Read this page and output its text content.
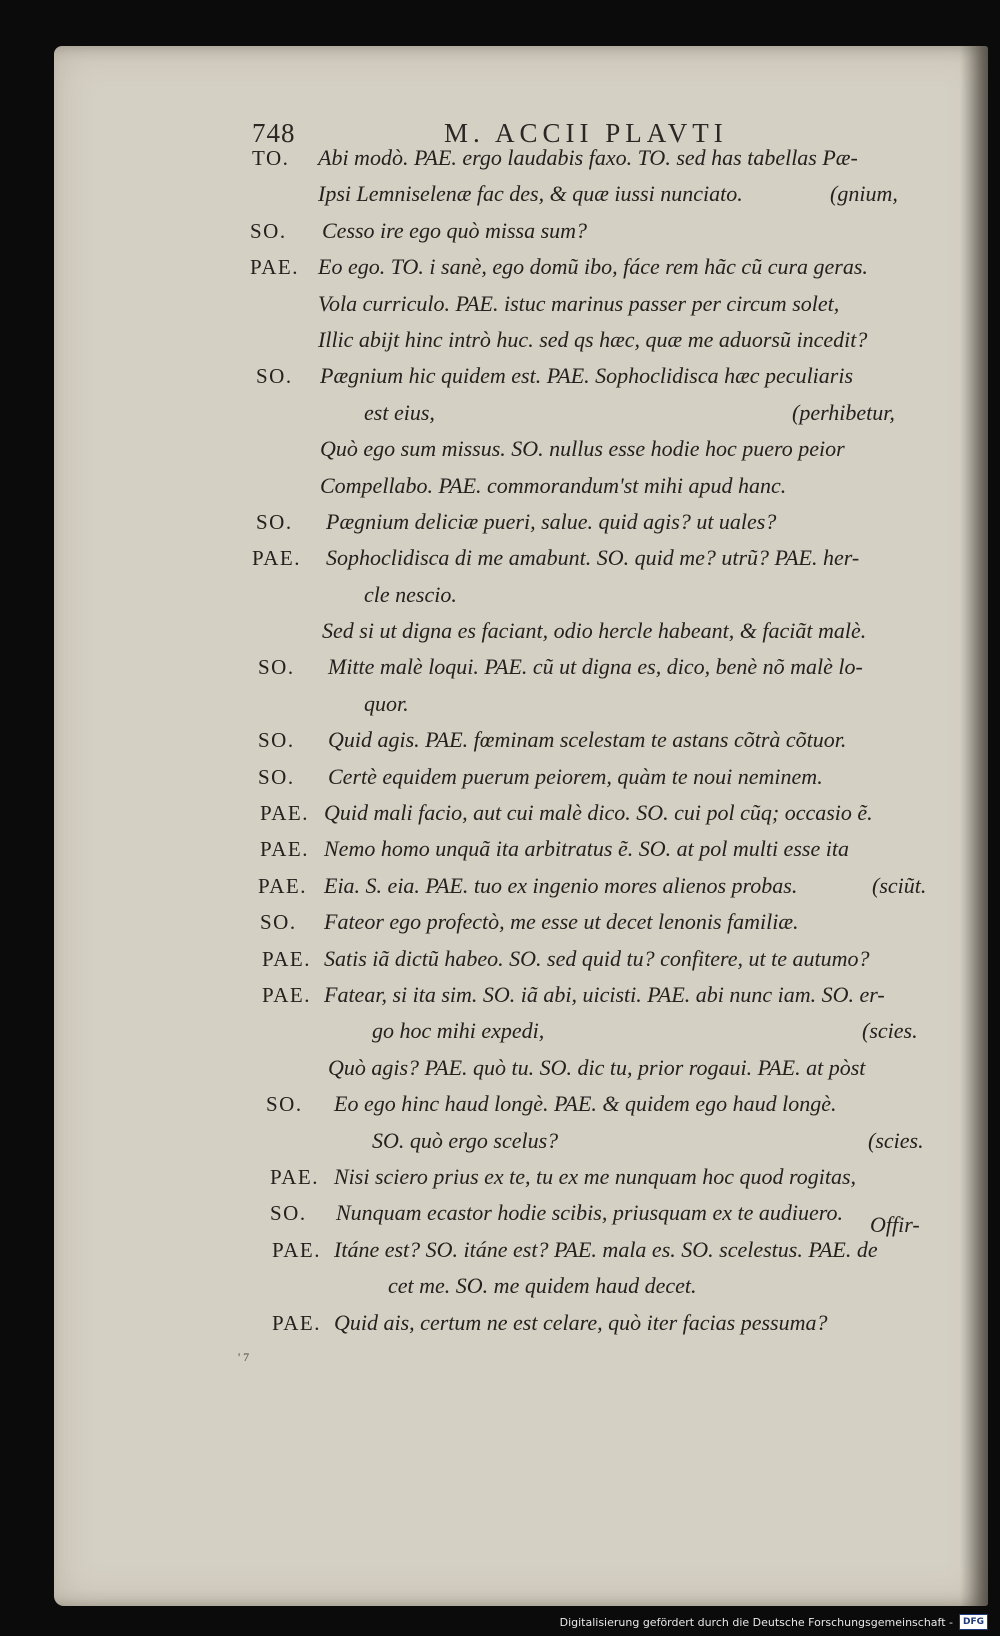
748	M. ACCII PLAVTI
TO. Abi modò. PAE. ergo laudabis faxo. TO. sed has tabellas Pæ-
Ipsi Lemniselenæ fac des, & quæ iussi nunciato.	(gnium,
SO. Cesso ire ego quò missa sum?
PAE. Eo ego. TO. i sanè, ego domũ ibo, fáce rem hãc cũ cura geras.
Vola curriculo. PAE. istuc marinus passer per circum solet,
Illic abijt hinc intrò huc. sed qs hæc, quæ me aduorsũ incedit?
SO. Pægnium hic quidem est. PAE. Sophoclidisca hæc peculiaris
est eius,	(perhibetur,
Quò ego sum missus. SO. nullus esse hodie hoc puero peior
Compellabo. PAE. commorandum'st mihi apud hanc.
SO. Pægnium deliciæ pueri, salue. quid agis? ut uales?
PAE. Sophoclidisca di me amabunt. SO. quid me? utrũ? PAE. her-
cle nescio.
Sed si ut digna es faciant, odio hercle habeant, & faciãt malè.
SO. Mitte malè loqui. PAE. cũ ut digna es, dico, benè nõ malè lo-
quor.
SO. Quid agis. PAE. fœminam scelestam te astans cõtrà cõtuor.
SO. Certè equidem puerum peiorem, quàm te noui neminem.
PAE. Quid mali facio, aut cui malè dico. SO. cui pol cũq; occasio ẽ.
PAE. Nemo homo unquã ita arbitratus ẽ. SO. at pol multi esse ita
PAE. Eia. S. eia. PAE. tuo ex ingenio mores alienos probas.	(sciũt.
SO. Fateor ego profectò, me esse ut decet lenonis familiæ.
PAE. Satis iã dictũ habeo. SO. sed quid tu? confitere, ut te autumo?
PAE. Fatear, si ita sim. SO. iã abi, uicisti. PAE. abi nunc iam. SO. er-
go hoc mihi expedi,	(scies.
Quò agis? PAE. quò tu. SO. dic tu, prior rogaui. PAE. at pòst
SO. Eo ego hinc haud longè. PAE. & quidem ego haud longè.
SO. quò ergo scelus?	(scies.
PAE. Nisi sciero prius ex te, tu ex me nunquam hoc quod rogitas,
SO. Nunquam ecastor hodie scibis, priusquam ex te audiuero.
PAE. Itáne est? SO. itáne est? PAE. mala es. SO. scelestus. PAE. de
cet me. SO. me quidem haud decet.
PAE. Quid ais, certum ne est celare, quò iter facias pessuma?
Offir-
' 7
Digitalisierung gefördert durch die Deutsche Forschungsgemeinschaft -	DFG
